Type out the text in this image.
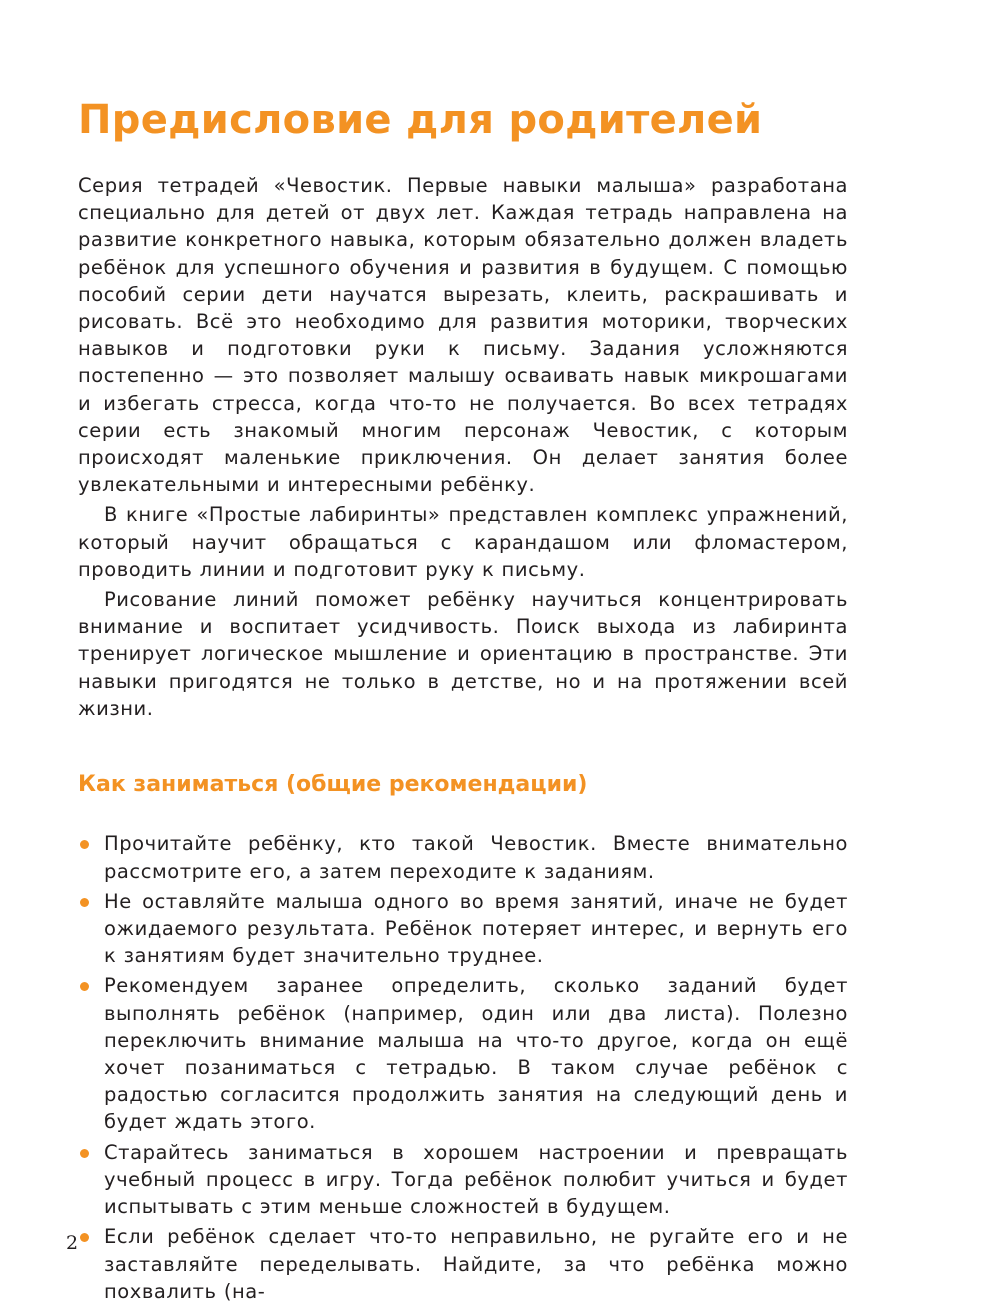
Предисловие для родителей

Серия тетрадей «Чевостик. Первые навыки малыша» разработана специально для детей от двух лет. Каждая тетрадь направлена на развитие конкретного навыка, которым обязательно должен владеть ребёнок для успешного обучения и развития в будущем. С помощью пособий серии дети научатся вырезать, клеить, раскрашивать и рисовать. Всё это необходимо для развития моторики, творческих навыков и подготовки руки к письму. Задания усложняются постепенно — это позволяет малышу осваивать навык микрошагами и избегать стресса, когда что-то не получается. Во всех тетрадях серии есть знакомый многим персонаж Чевостик, с которым происходят маленькие приключения. Он делает занятия более увлекательными и интересными ребёнку.

В книге «Простые лабиринты» представлен комплекс упражнений, который научит обращаться с карандашом или фломастером, проводить линии и подготовит руку к письму.

Рисование линий поможет ребёнку научиться концентрировать внимание и воспитает усидчивость. Поиск выхода из лабиринта тренирует логическое мышление и ориентацию в пространстве. Эти навыки пригодятся не только в детстве, но и на протяжении всей жизни.

Как заниматься (общие рекомендации)

Прочитайте ребёнку, кто такой Чевостик. Вместе внимательно рассмотрите его, а затем переходите к заданиям.

Не оставляйте малыша одного во время занятий, иначе не будет ожидаемого результата. Ребёнок потеряет интерес, и вернуть его к занятиям будет значительно труднее.

Рекомендуем заранее определить, сколько заданий будет выполнять ребёнок (например, один или два листа). Полезно переключить внимание малыша на что-то другое, когда он ещё хочет позаниматься с тетрадью. В таком случае ребёнок с радостью согласится продолжить занятия на следующий день и будет ждать этого.

Старайтесь заниматься в хорошем настроении и превращать учебный процесс в игру. Тогда ребёнок полюбит учиться и будет испытывать с этим меньше сложностей в будущем.

Если ребёнок сделает что-то неправильно, не ругайте его и не заставляйте переделывать. Найдите, за что ребёнка можно похвалить (на-

2
